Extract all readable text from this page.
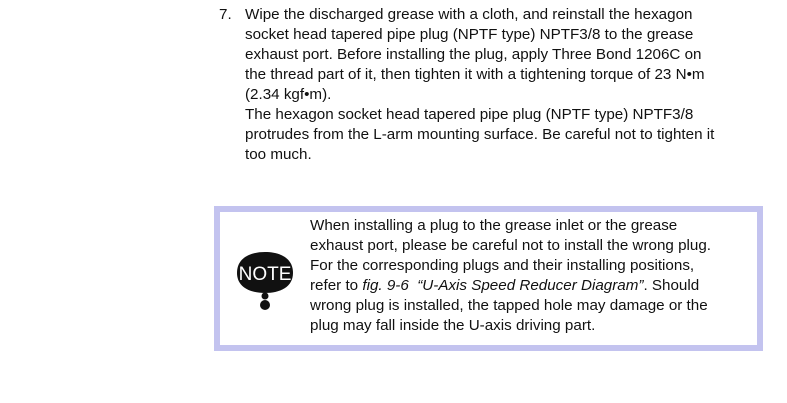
7. Wipe the discharged grease with a cloth, and reinstall the hexagon
socket head tapered pipe plug (NPTF type) NPTF3/8 to the grease
exhaust port. Before installing the plug, apply Three Bond 1206C on
the thread part of it, then tighten it with a tightening torque of 23 N•m
(2.34 kgf•m).
The hexagon socket head tapered pipe plug (NPTF type) NPTF3/8
protrudes from the L-arm mounting surface. Be careful not to tighten it
too much.
NOTE
When installing a plug to the grease inlet or the grease
exhaust port, please be careful not to install the wrong plug.
For the corresponding plugs and their installing positions,
refer to fig. 9-6 “U-Axis Speed Reducer Diagram”. Should
wrong plug is installed, the tapped hole may damage or the
plug may fall inside the U-axis driving part.
